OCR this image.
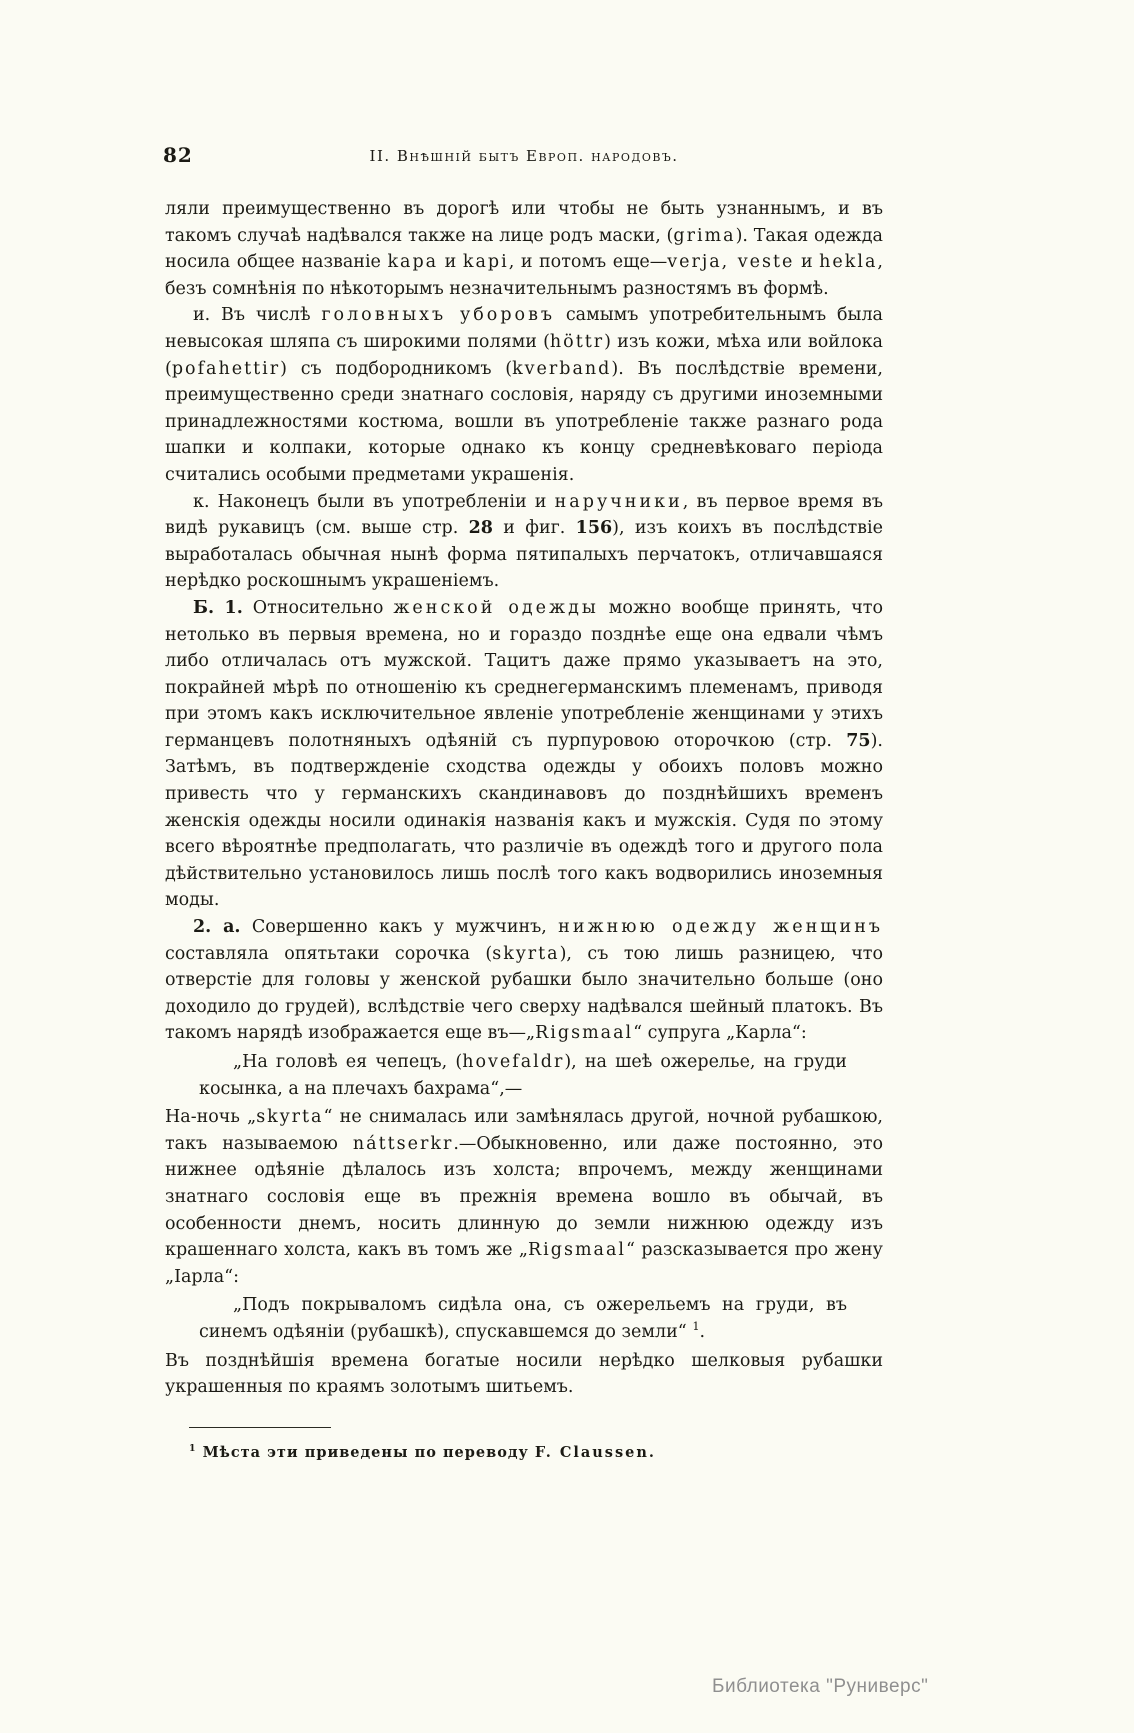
82	II. Внѣшній бытъ Европ. народовъ.

ляли преимущественно въ дорогѣ или чтобы не быть узнаннымъ, и въ такомъ случаѣ надѣвался также на лице родъ маски, (grima). Такая одежда носила общее названіе kapa и kapi, и потомъ еще—verja, veste и hekla, безъ сомнѣнія по нѣкоторымъ незначительнымъ разностямъ въ формѣ.

и. Въ числѣ головныхъ уборовъ самымъ употребительнымъ была невысокая шляпа съ широкими полями (höttr) изъ кожи, мѣха или войлока (pofahettir) съ подбородникомъ (kverband). Въ послѣдствіе времени, преимущественно среди знатнаго сословія, наряду съ другими иноземными принадлежностями костюма, вошли въ употребленіе также разнаго рода шапки и колпаки, которые однако къ концу средневѣковаго періода считались особыми предметами украшенія.

к. Наконецъ были въ употребленіи и наручники, въ первое время въ видѣ рукавицъ (см. выше стр. 28 и фиг. 156), изъ коихъ въ послѣдствіе выработалась обычная нынѣ форма пятипалыхъ перчатокъ, отличавшаяся нерѣдко роскошнымъ украшеніемъ.

Б. 1. Относительно женской одежды можно вообще принять, что нетолько въ первыя времена, но и гораздо позднѣе еще она едвали чѣмъ либо отличалась отъ мужской. Тацитъ даже прямо указываетъ на это, покрайней мѣрѣ по отношенію къ среднегерманскимъ племенамъ, приводя при этомъ какъ исключительное явленіе употребленіе женщинами у этихъ германцевъ полотняныхъ одѣяній съ пурпуровою оторочкою (стр. 75). Затѣмъ, въ подтвержденіе сходства одежды у обоихъ половъ можно привесть что у германскихъ скандинавовъ до позднѣйшихъ временъ женскія одежды носили одинакія названія какъ и мужскія. Судя по этому всего вѣроятнѣе предполагать, что различіе въ одеждѣ того и другого пола дѣйствительно установилось лишь послѣ того какъ водворились иноземныя моды.

2. а. Совершенно какъ у мужчинъ, нижнюю одежду женщинъ составляла опятьтаки сорочка (skyrta), съ тою лишь разницею, что отверстіе для головы у женской рубашки было значительно больше (оно доходило до грудей), вслѣдствіе чего сверху надѣвался шейный платокъ. Въ такомъ нарядѣ изображается еще въ—„Rigsmaal“ супруга „Карла“:

„На головѣ ея чепецъ, (hovefaldr), на шеѣ ожерелье, на груди косынка, а на плечахъ бахрама“,—

На-ночь „skyrta“ не снималась или замѣнялась другой, ночной рубашкою, такъ называемою náttserkr.—Обыкновенно, или даже постоянно, это нижнее одѣяніе дѣлалось изъ холста; впрочемъ, между женщинами знатнаго сословія еще въ прежнія времена вошло въ обычай, въ особенности днемъ, носить длинную до земли нижнюю одежду изъ крашеннаго холста, какъ въ томъ же „Rigsmaal“ разсказывается про жену „Іарла“:

„Подъ покрываломъ сидѣла она, съ ожерельемъ на груди, въ синемъ одѣяніи (рубашкѣ), спускавшемся до земли“ $^1$.

Въ позднѣйшія времена богатые носили нерѣдко шелковыя рубашки украшенныя по краямъ золотымъ шитьемъ.

$^1$ Мѣста эти приведены по переводу F. Claussen.
Библиотека "Руниверс"
